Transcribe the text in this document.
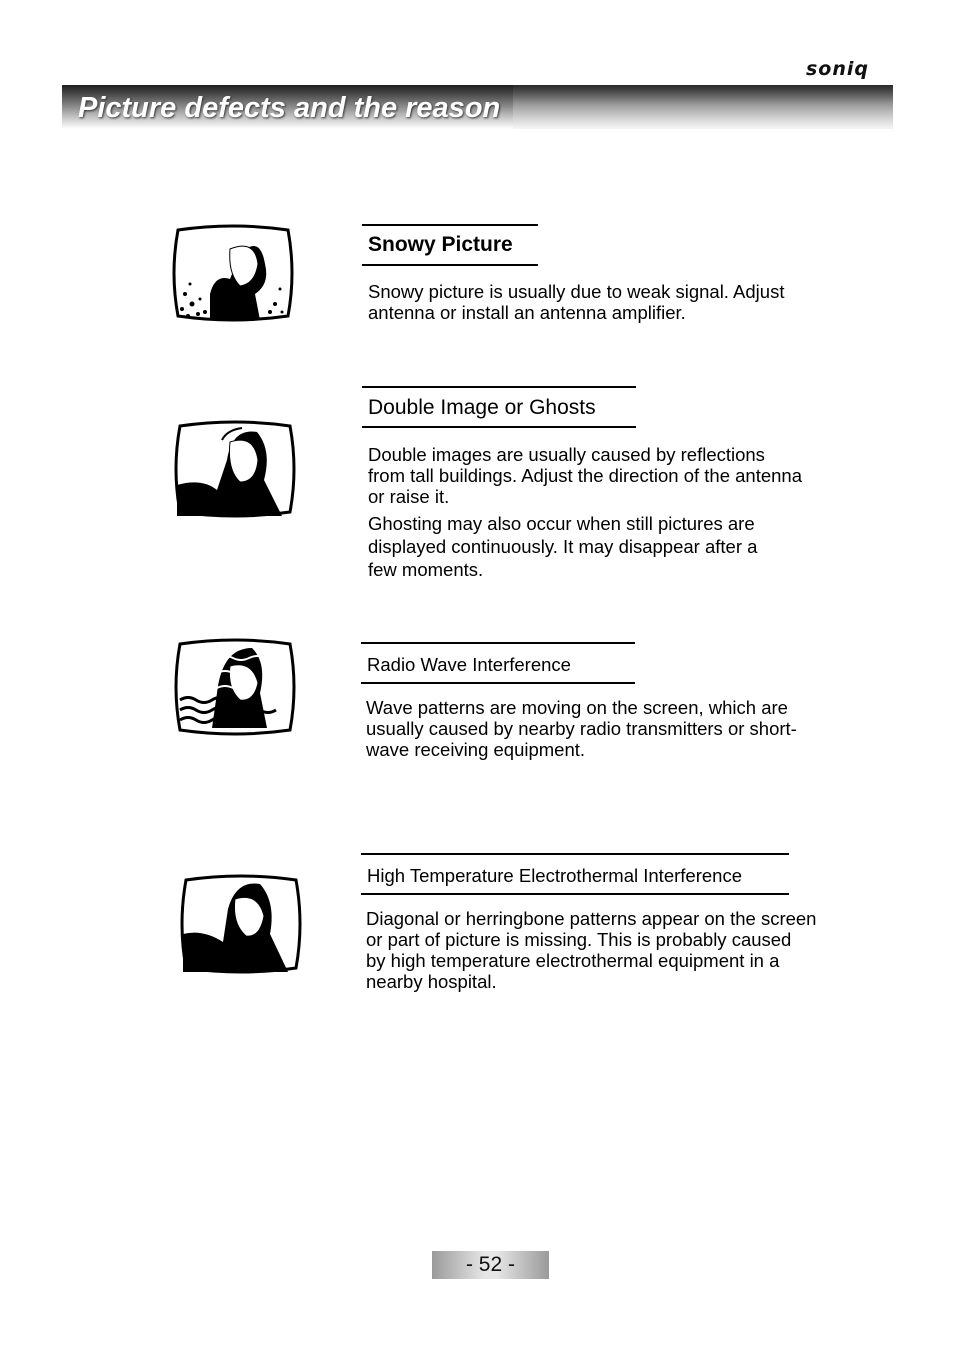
soniq
Picture defects and the reason
Snowy Picture
Snowy picture is usually due to weak signal. Adjust
antenna or install an antenna amplifier.
Double Image or Ghosts
Double images are usually caused by reflections
from tall buildings. Adjust the direction of the antenna
or raise it.
Ghosting may also occur when still pictures are
displayed continuously. It may disappear after a
few moments.
Radio Wave Interference
Wave patterns are moving on the screen, which are
usually caused by nearby radio transmitters or short-
wave receiving equipment.
High Temperature Electrothermal Interference
Diagonal or herringbone patterns appear on the screen
or part of picture is missing. This is probably caused
by high temperature electrothermal equipment in a
nearby hospital.
- 52 -
